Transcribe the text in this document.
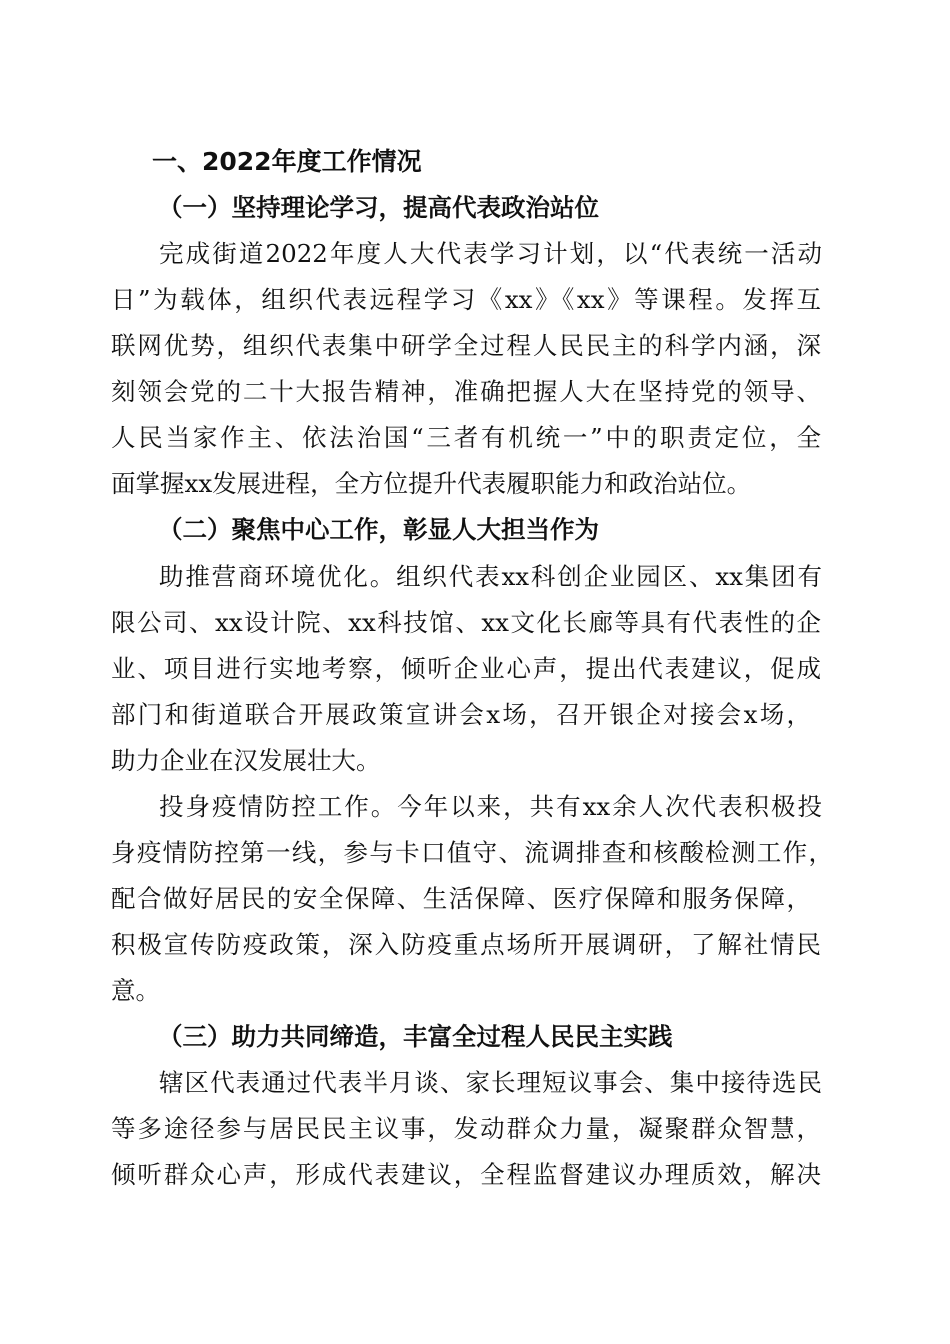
一、2022年度工作情况
（一）坚持理论学习，提高代表政治站位
完成街道2022年度人大代表学习计划，以“代表统一活动
日”为载体，组织代表远程学习《xx》《xx》等课程。发挥互
联网优势，组织代表集中研学全过程人民民主的科学内涵，深
刻领会党的二十大报告精神，准确把握人大在坚持党的领导、
人民当家作主、依法治国“三者有机统一”中的职责定位，全
面掌握xx发展进程，全方位提升代表履职能力和政治站位。
（二）聚焦中心工作，彰显人大担当作为
助推营商环境优化。组织代表xx科创企业园区、xx集团有
限公司、xx设计院、xx科技馆、xx文化长廊等具有代表性的企
业、项目进行实地考察，倾听企业心声，提出代表建议，促成
部门和街道联合开展政策宣讲会x场，召开银企对接会x场，
助力企业在汉发展壮大。
投身疫情防控工作。今年以来，共有xx余人次代表积极投
身疫情防控第一线，参与卡口值守、流调排查和核酸检测工作，
配合做好居民的安全保障、生活保障、医疗保障和服务保障，
积极宣传防疫政策，深入防疫重点场所开展调研，了解社情民
意。
（三）助力共同缔造，丰富全过程人民民主实践
辖区代表通过代表半月谈、家长理短议事会、集中接待选民
等多途径参与居民民主议事，发动群众力量，凝聚群众智慧，
倾听群众心声，形成代表建议，全程监督建议办理质效，解决
